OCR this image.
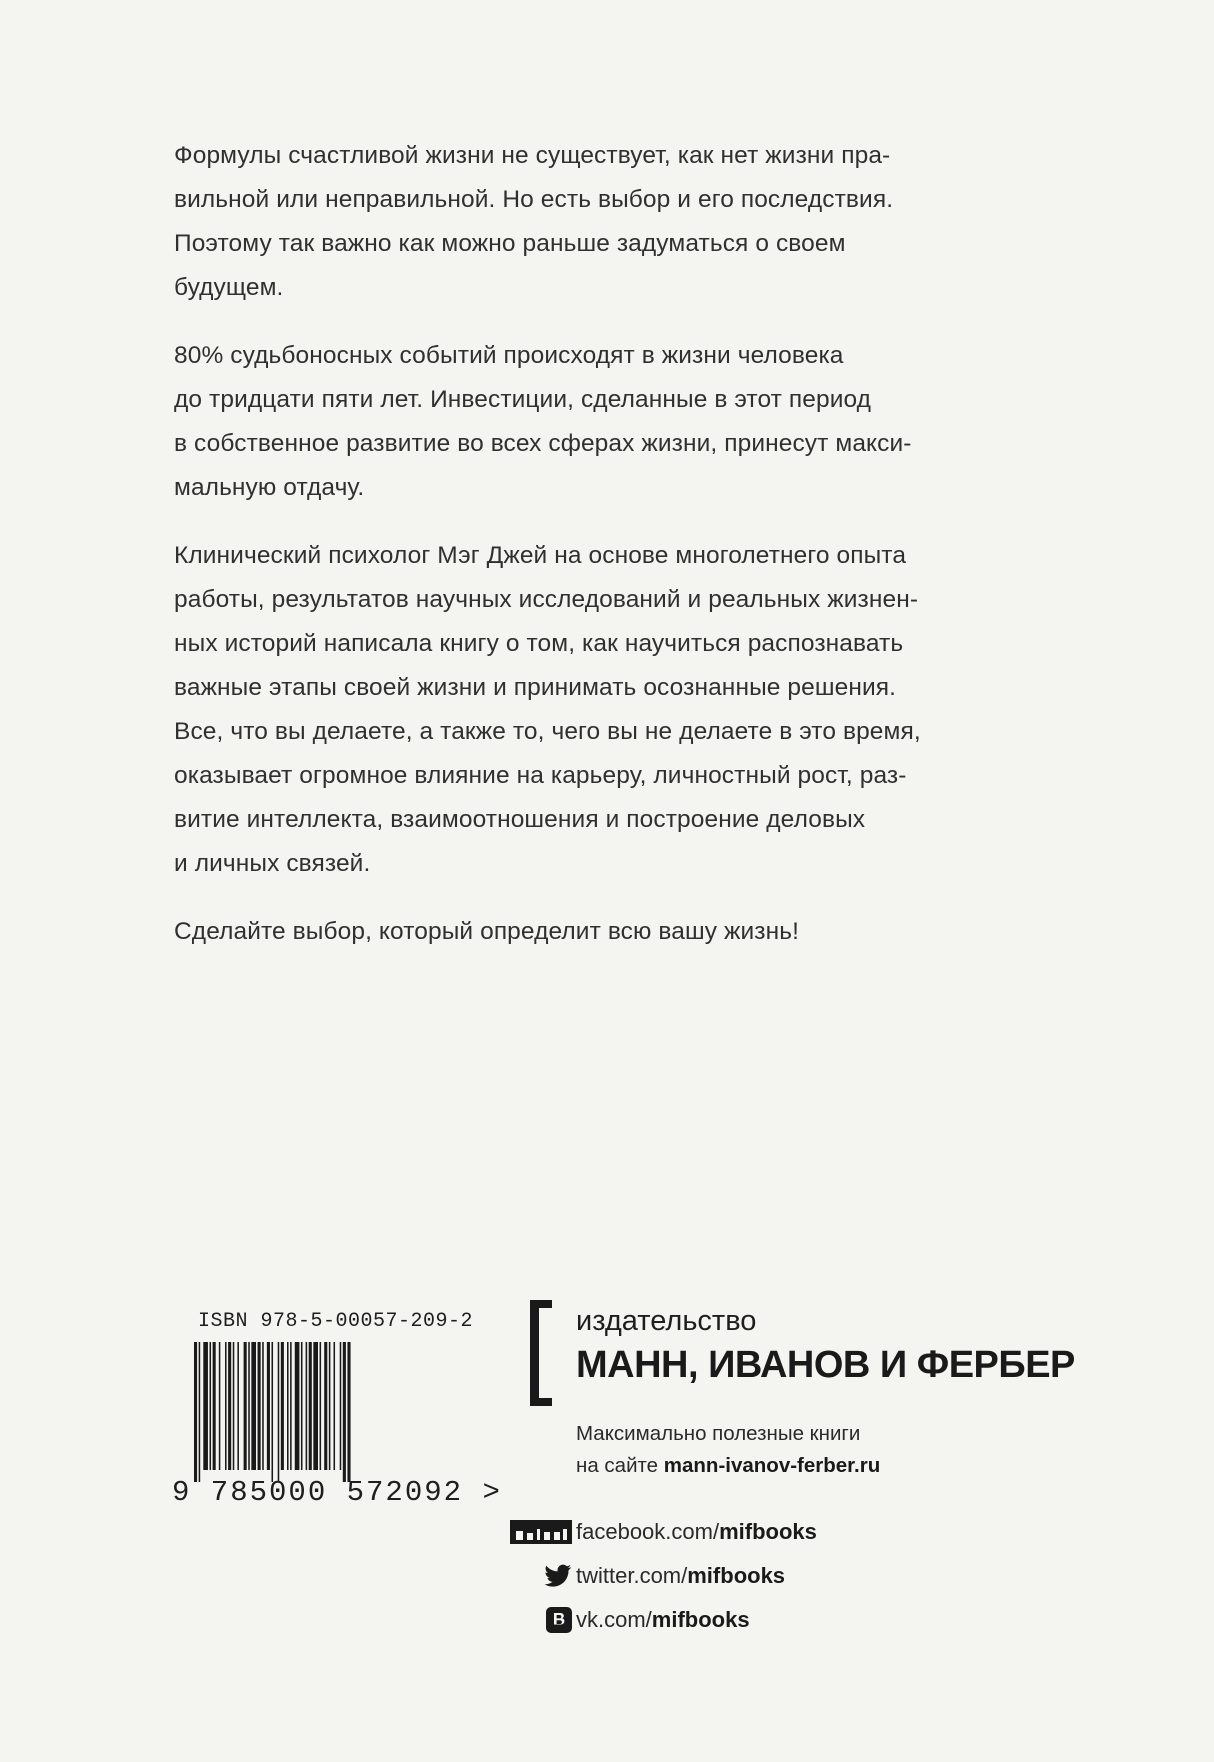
Формулы счастливой жизни не существует, как нет жизни пра-
вильной или неправильной. Но есть выбор и его последствия.
Поэтому так важно как можно раньше задуматься о своем
будущем.

80% судьбоносных событий происходят в жизни человека
до тридцати пяти лет. Инвестиции, сделанные в этот период
в собственное развитие во всех сферах жизни, принесут макси-
мальную отдачу.

Клинический психолог Мэг Джей на основе многолетнего опыта
работы, результатов научных исследований и реальных жизнен-
ных историй написала книгу о том, как научиться распознавать
важные этапы своей жизни и принимать осознанные решения.
Все, что вы делаете, а также то, чего вы не делаете в это время,
оказывает огромное влияние на карьеру, личностный рост, раз-
витие интеллекта, взаимоотношения и построение деловых
и личных связей.

Сделайте выбор, который определит всю вашу жизнь!

ISBN 978-5-00057-209-2
9 785000 572092 >
издательство
МАНН, ИВАНОВ И ФЕРБЕР
Максимально полезные книги
на сайте mann-ivanov-ferber.ru
facebook.com/ mifbooks
twitter.com/ mifbooks
vk.com/ mifbooks
